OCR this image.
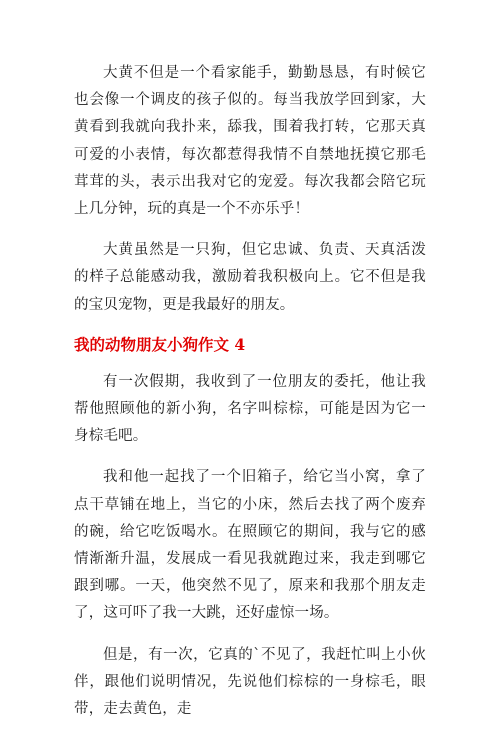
大黄不但是一个看家能手，勤勤恳恳，有时候它也会像一个调皮的孩子似的。每当我放学回到家，大黄看到我就向我扑来，舔我，围着我打转，它那天真可爱的小表情，每次都惹得我情不自禁地抚摸它那毛茸茸的头，表示出我对它的宠爱。每次我都会陪它玩上几分钟，玩的真是一个不亦乐乎！

大黄虽然是一只狗，但它忠诚、负责、天真活泼的样子总能感动我，激励着我积极向上。它不但是我的宝贝宠物，更是我最好的朋友。

我的动物朋友小狗作文 4

有一次假期，我收到了一位朋友的委托，他让我帮他照顾他的新小狗，名字叫棕棕，可能是因为它一身棕毛吧。

我和他一起找了一个旧箱子，给它当小窝，拿了点干草铺在地上，当它的小床，然后去找了两个废弃的碗，给它吃饭喝水。在照顾它的期间，我与它的感情渐渐升温，发展成一看见我就跑过来，我走到哪它跟到哪。一天，他突然不见了，原来和我那个朋友走了，这可吓了我一大跳，还好虚惊一场。

但是，有一次，它真的`不见了，我赶忙叫上小伙伴，跟他们说明情况，先说他们棕棕的一身棕毛，眼带，走去黄色，走
